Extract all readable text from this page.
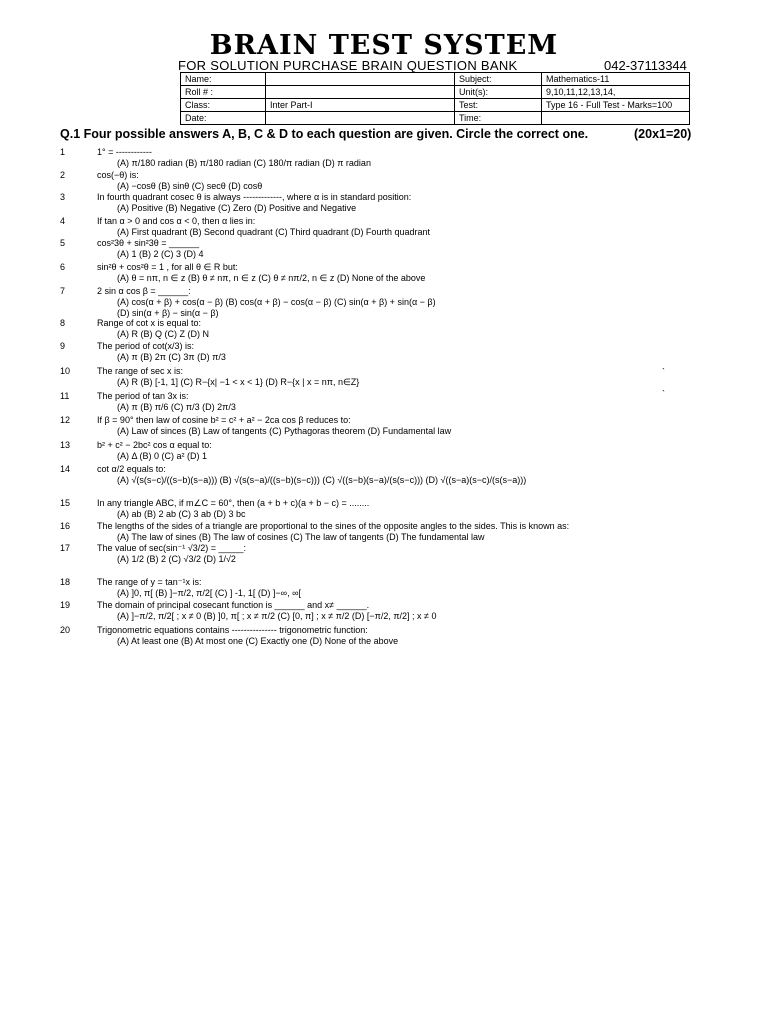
BRAIN TEST SYSTEM
FOR SOLUTION PURCHASE BRAIN QUESTION BANK	042-37113344
Name:		Subject:	Mathematics-11
Roll # :		Unit(s):	9,10,11,12,13,14,
Class:	Inter Part-I	Test:	Type 16 - Full Test - Marks=100
Date:		Time:	
Q.1 Four possible answers A, B, C & D to each question are given. Circle the correct one.	(20x1=20)
1	1° = ------------
(A) π/180 radian (B) π/180 radian (C) 180/π radian (D) π radian
2	cos(−θ) is:
(A) −cosθ (B) sinθ (C) secθ (D) cosθ
3	In fourth quadrant cosec θ is always -------------, where α is in standard position:
(A) Positive (B) Negative (C) Zero (D) Positive and Negative
4	If tan α > 0 and cos α < 0, then α lies in:
(A) First quadrant (B) Second quadrant (C) Third quadrant (D) Fourth quadrant
5	cos²3θ + sin²3θ = ______
(A) 1 (B) 2 (C) 3 (D) 4
6	sin²θ + cos²θ = 1 , for all θ ∈ R but:
(A) θ = nπ, n ∈ z (B) θ ≠ nπ, n ∈ z (C) θ ≠ nπ/2, n ∈ z (D) None of the above
7	2 sin α cos β = ______:
(A) cos(α + β) + cos(α − β) (B) cos(α + β) − cos(α − β) (C) sin(α + β) + sin(α − β)
(D) sin(α + β) − sin(α − β)
8	Range of cot x is equal to:
(A) R (B) Q (C) Z (D) N
9	The period of cot(x/3) is:
(A) π (B) 2π (C) 3π (D) π/3
10	The range of sec x is:
(A) R (B) [-1, 1] (C) R−{x| −1 < x < 1} (D) R−{x | x = nπ, n∈Z}
11	The period of tan 3x is:
(A) π (B) π/6 (C) π/3 (D) 2π/3
12	If β = 90° then law of cosine b² = c² + a² − 2ca cos β reduces to:
(A) Law of sinces (B) Law of tangents (C) Pythagoras theorem (D) Fundamental law
13	b² + c² − 2bc² cos α equal to:
(A) Δ (B) 0 (C) a² (D) 1
14	cot α/2 equals to:
(A) √(s(s−c)/((s−b)(s−a))) (B) √(s(s−a)/((s−b)(s−c))) (C) √((s−b)(s−a)/(s(s−c))) (D) √((s−a)(s−c)/(s(s−a)))
15	In any triangle ABC, if m∠C = 60°, then (a + b + c)(a + b − c) = ........
(A) ab (B) 2 ab (C) 3 ab (D) 3 bc
16	The lengths of the sides of a triangle are proportional to the sines of the opposite angles to the sides. This is known as:
(A) The law of sines (B) The law of cosines (C) The law of tangents (D) The fundamental law
17	The value of sec(sin⁻¹ √3/2) = _____:
(A) 1/2 (B) 2 (C) √3/2 (D) 1/√2
18	The range of y = tan⁻¹x is:
(A) ]0, π[ (B) ]−π/2, π/2[ (C) ] -1, 1[ (D) ]−∞, ∞[
19	The domain of principal cosecant function is ______ and x≠ ______.
(A) ]−π/2, π/2[ ; x ≠ 0 (B) ]0, π[ ; x ≠ π/2 (C) [0, π] ; x ≠ π/2 (D) [−π/2, π/2] ; x ≠ 0
20	Trigonometric equations contains --------------- trigonometric function:
(A) At least one (B) At most one (C) Exactly one (D) None of the above
`
`
